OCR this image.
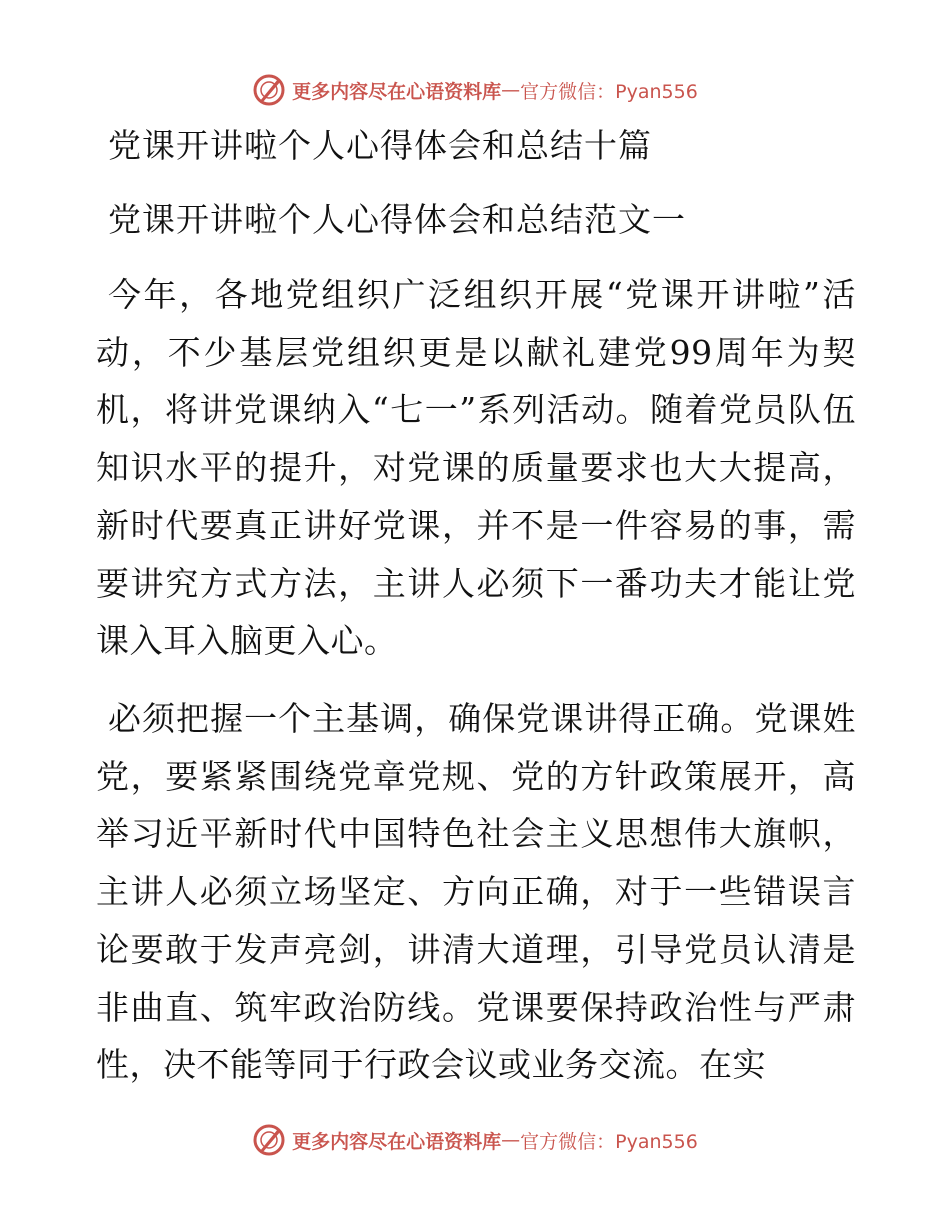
更多内容尽在心语资料库 — 官方微信：Pyan556
党课开讲啦个人心得体会和总结十篇
党课开讲啦个人心得体会和总结范文一

今年，各地党组织广泛组织开展“党课开讲啦”活动，不少基层党组织更是以献礼建党99周年为契机，将讲党课纳入“七一”系列活动。随着党员队伍知识水平的提升，对党课的质量要求也大大提高，新时代要真正讲好党课，并不是一件容易的事，需要讲究方式方法，主讲人必须下一番功夫才能让党课入耳入脑更入心。

必须把握一个主基调，确保党课讲得正确。党课姓党，要紧紧围绕党章党规、党的方针政策展开，高举习近平新时代中国特色社会主义思想伟大旗帜，主讲人必须立场坚定、方向正确，对于一些错误言论要敢于发声亮剑，讲清大道理，引导党员认清是非曲直、筑牢政治防线。党课要保持政治性与严肃性，决不能等同于行政会议或业务交流。在实

更多内容尽在心语资料库 — 官方微信：Pyan556
